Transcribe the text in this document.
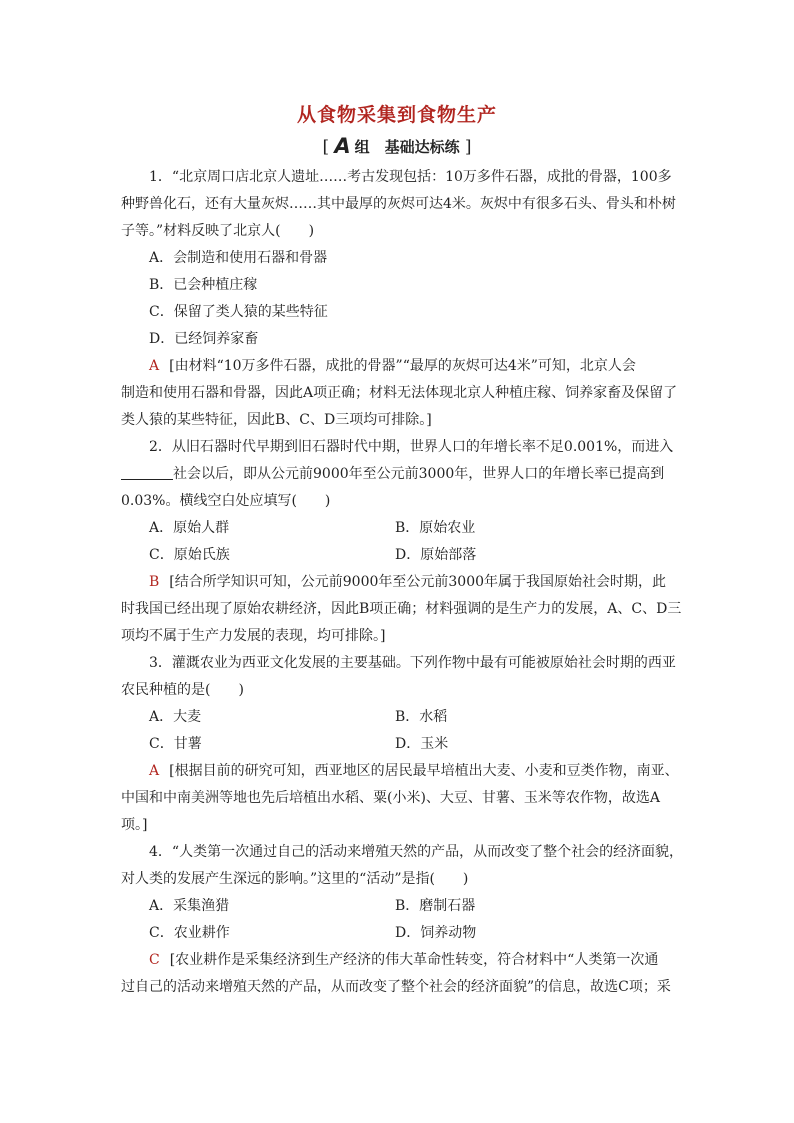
从食物采集到食物生产
[ A 组　基础达标练 ]
1．“北京周口店北京人遗址……考古发现包括：10万多件石器，成批的骨器，100多
种野兽化石，还有大量灰烬……其中最厚的灰烬可达4米。灰烬中有很多石头、骨头和朴树
子等。”材料反映了北京人(　　)
A．会制造和使用石器和骨器
B．已会种植庄稼
C．保留了类人猿的某些特征
D．已经饲养家畜
A [由材料“10万多件石器，成批的骨器”“最厚的灰烬可达4米”可知，北京人会
制造和使用石器和骨器，因此A项正确；材料无法体现北京人种植庄稼、饲养家畜及保留了
类人猿的某些特征，因此B、C、D三项均可排除。]
2．从旧石器时代早期到旧石器时代中期，世界人口的年增长率不足0.001%，而进入
社会以后，即从公元前9000年至公元前3000年，世界人口的年增长率已提高到
0.03%。横线空白处应填写(　　)
A．原始人群	B．原始农业
C．原始氏族	D．原始部落
B [结合所学知识可知，公元前9000年至公元前3000年属于我国原始社会时期，此
时我国已经出现了原始农耕经济，因此B项正确；材料强调的是生产力的发展，A、C、D三
项均不属于生产力发展的表现，均可排除。]
3．灌溉农业为西亚文化发展的主要基础。下列作物中最有可能被原始社会时期的西亚
农民种植的是(　　)
A．大麦	B．水稻
C．甘薯	D．玉米
A [根据目前的研究可知，西亚地区的居民最早培植出大麦、小麦和豆类作物，南亚、
中国和中南美洲等地也先后培植出水稻、粟(小米)、大豆、甘薯、玉米等农作物，故选A
项。]
4．“人类第一次通过自己的活动来增殖天然的产品，从而改变了整个社会的经济面貌，
对人类的发展产生深远的影响。”这里的“活动”是指(　　)
A．采集渔猎	B．磨制石器
C．农业耕作	D．饲养动物
C [农业耕作是采集经济到生产经济的伟大革命性转变，符合材料中“人类第一次通
过自己的活动来增殖天然的产品，从而改变了整个社会的经济面貌”的信息，故选C项；采
